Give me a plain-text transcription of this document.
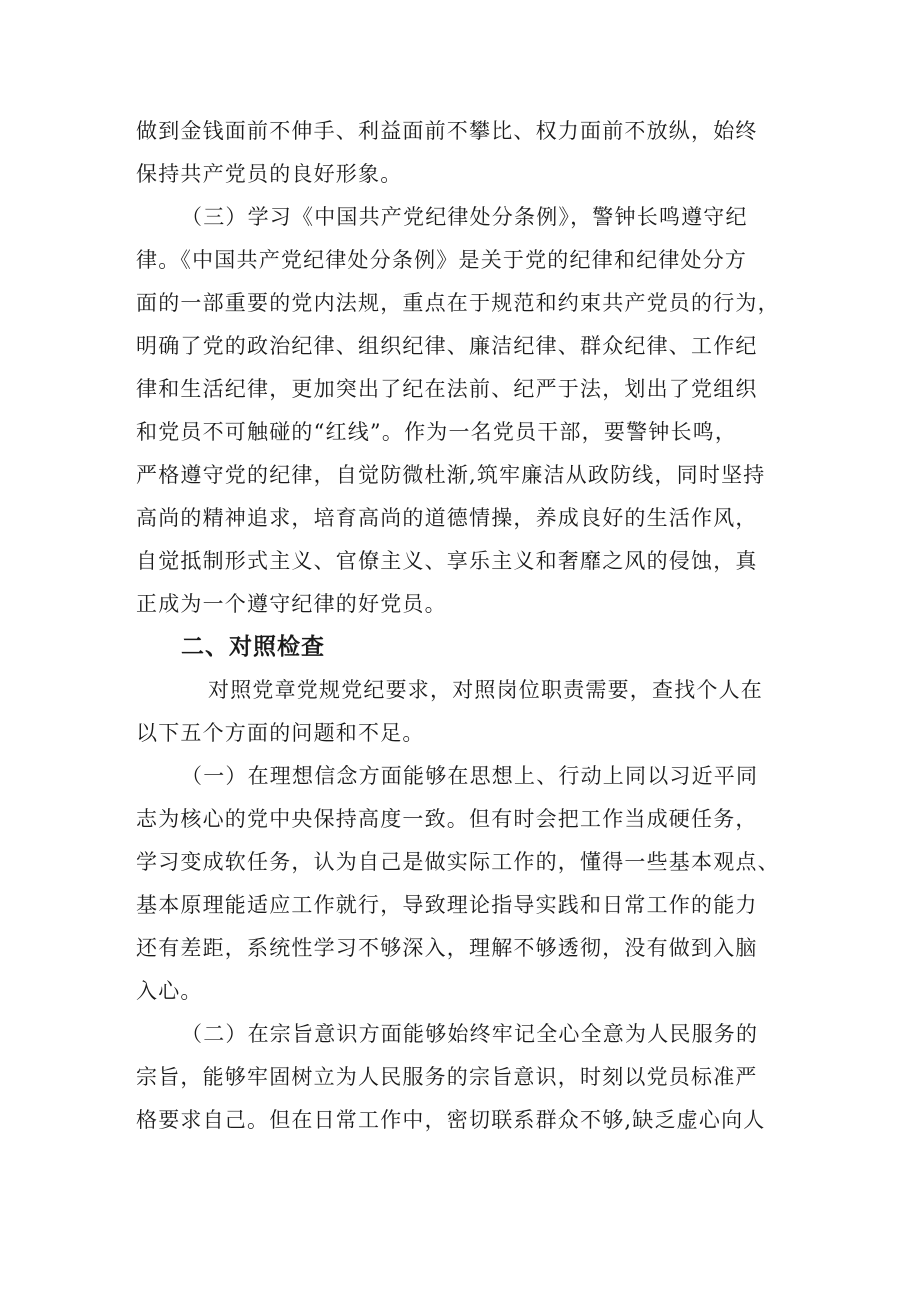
做到金钱面前不伸手、利益面前不攀比、权力面前不放纵，始终
保持共产党员的良好形象。
（三）学习《中国共产党纪律处分条例》，警钟长鸣遵守纪
律。《中国共产党纪律处分条例》是关于党的纪律和纪律处分方
面的一部重要的党内法规，重点在于规范和约束共产党员的行为，
明确了党的政治纪律、组织纪律、廉洁纪律、群众纪律、工作纪
律和生活纪律，更加突出了纪在法前、纪严于法，划出了党组织
和党员不可触碰的“红线”。作为一名党员干部，要警钟长鸣，
严格遵守党的纪律，自觉防微杜渐,筑牢廉洁从政防线，同时坚持
高尚的精神追求，培育高尚的道德情操，养成良好的生活作风，
自觉抵制形式主义、官僚主义、享乐主义和奢靡之风的侵蚀，真
正成为一个遵守纪律的好党员。
二、对照检查
对照党章党规党纪要求，对照岗位职责需要，查找个人在
以下五个方面的问题和不足。
（一）在理想信念方面能够在思想上、行动上同以习近平同
志为核心的党中央保持高度一致。但有时会把工作当成硬任务，
学习变成软任务，认为自己是做实际工作的，懂得一些基本观点、
基本原理能适应工作就行，导致理论指导实践和日常工作的能力
还有差距，系统性学习不够深入，理解不够透彻，没有做到入脑
入心。
（二）在宗旨意识方面能够始终牢记全心全意为人民服务的
宗旨，能够牢固树立为人民服务的宗旨意识，时刻以党员标准严
格要求自己。但在日常工作中，密切联系群众不够,缺乏虚心向人
